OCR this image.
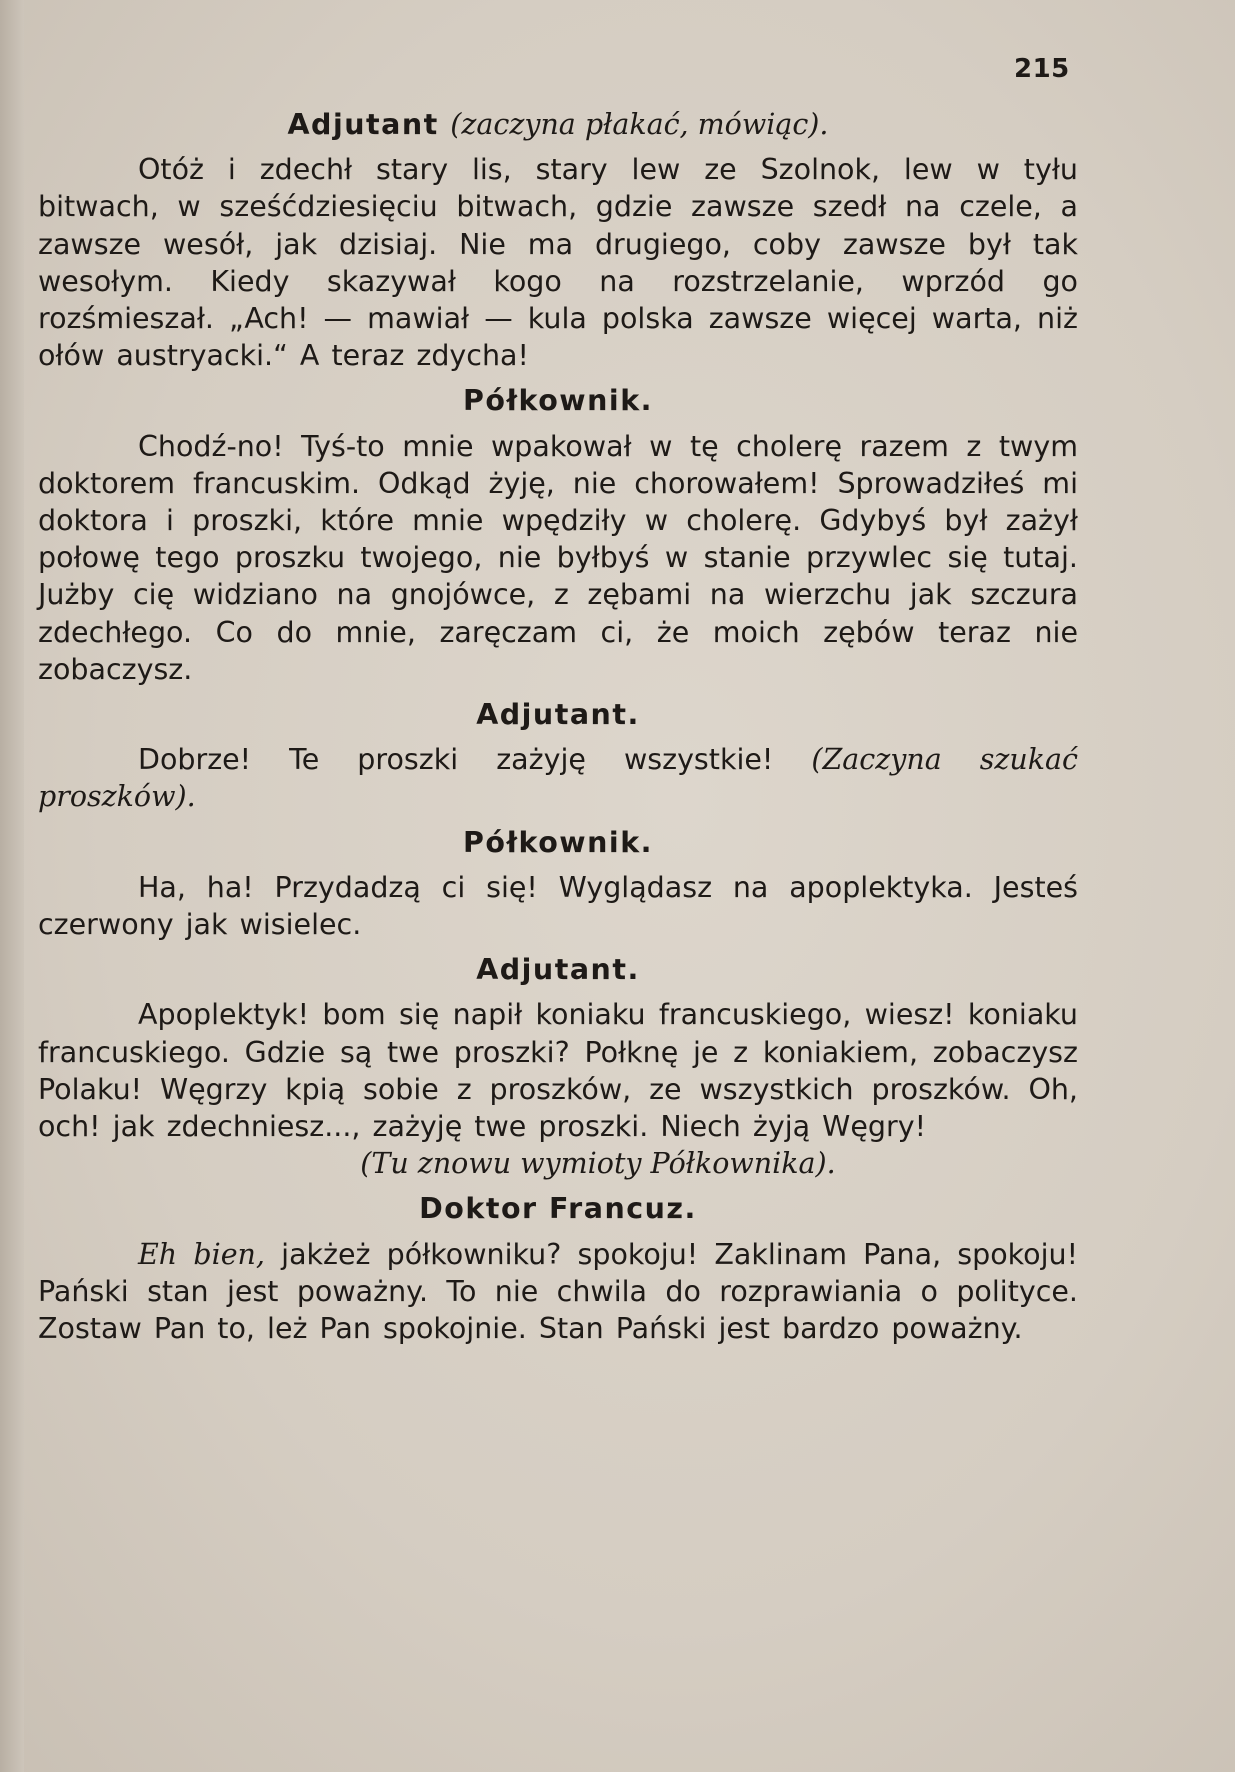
215
Adjutant (zaczyna płakać, mówiąc).

Otóż i zdechł stary lis, stary lew ze Szolnok, lew w tyłu bitwach, w sześćdziesięciu bitwach, gdzie zawsze szedł na czele, a zawsze wesół, jak dzisiaj. Nie ma drugiego, coby zawsze był tak wesołym. Kiedy skazywał kogo na rozstrzelanie, wprzód go rozśmieszał. „Ach! — mawiał — kula polska zawsze więcej warta, niż ołów austryacki.“ A teraz zdycha!

Półkownik.

Chodź-no! Tyś-to mnie wpakował w tę cholerę razem z twym doktorem francuskim. Odkąd żyję, nie chorowałem! Sprowadziłeś mi doktora i proszki, które mnie wpędziły w cholerę. Gdybyś był zażył połowę tego proszku twojego, nie byłbyś w stanie przywlec się tutaj. Jużby cię widziano na gnojówce, z zębami na wierzchu jak szczura zdechłego. Co do mnie, zaręczam ci, że moich zębów teraz nie zobaczysz.

Adjutant.

Dobrze! Te proszki zażyję wszystkie! (Zaczyna szukać proszków).

Półkownik.

Ha, ha! Przydadzą ci się! Wyglądasz na apoplektyka. Jesteś czerwony jak wisielec.

Adjutant.

Apoplektyk! bom się napił koniaku francuskiego, wiesz! koniaku francuskiego. Gdzie są twe proszki? Połknę je z koniakiem, zobaczysz Polaku! Węgrzy kpią sobie z proszków, ze wszystkich proszków. Oh, och! jak zdechniesz..., zażyję twe proszki. Niech żyją Węgry!

(Tu znowu wymioty Półkownika).
Doktor Francuz.

Eh bien, jakżeż półkowniku? spokoju! Zaklinam Pana, spokoju! Pański stan jest poważny. To nie chwila do rozprawiania o polityce. Zostaw Pan to, leż Pan spokojnie. Stan Pański jest bardzo poważny.
